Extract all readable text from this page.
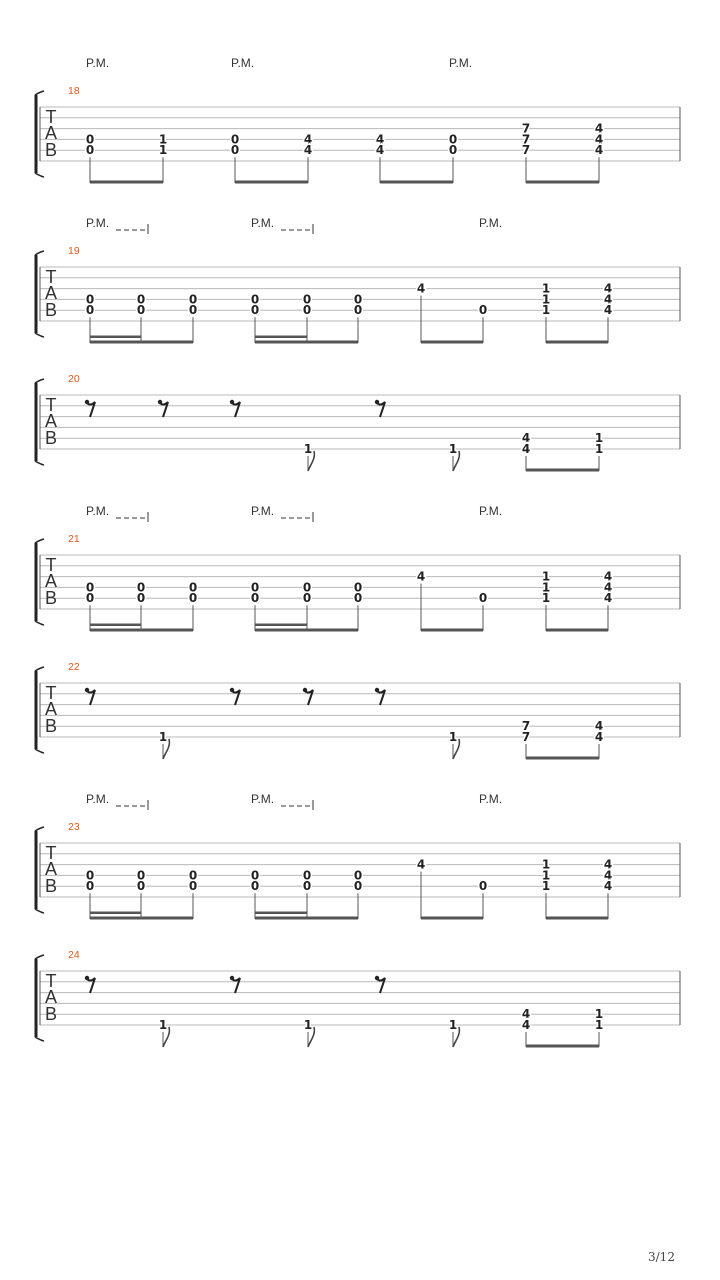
T
A
B
18
P.M.	P.M.	P.M.
0
0
1
1
0
0
4
4
4
4
0
0
7
7
7
4
4
4
T
A
B
19
P.M.	P.M.	P.M.
0
0
0
0
0
0
0
0
0
0
0
0
4
0
1
1
1
4
4
4
T
A
B
20
1	1
4
4
1
1
T
A
B
21
P.M.	P.M.	P.M.
0
0
0
0
0
0
0
0
0
0
0
0
4
0
1
1
1
4
4
4
T
A
B
22
1	1
7
7
4
4
T
A
B
23
P.M.	P.M.	P.M.
0
0
0
0
0
0
0
0
0
0
0
0
4
0
1
1
1
4
4
4
T
A
B
24
1	1	1
4
4
1
1
3/12
